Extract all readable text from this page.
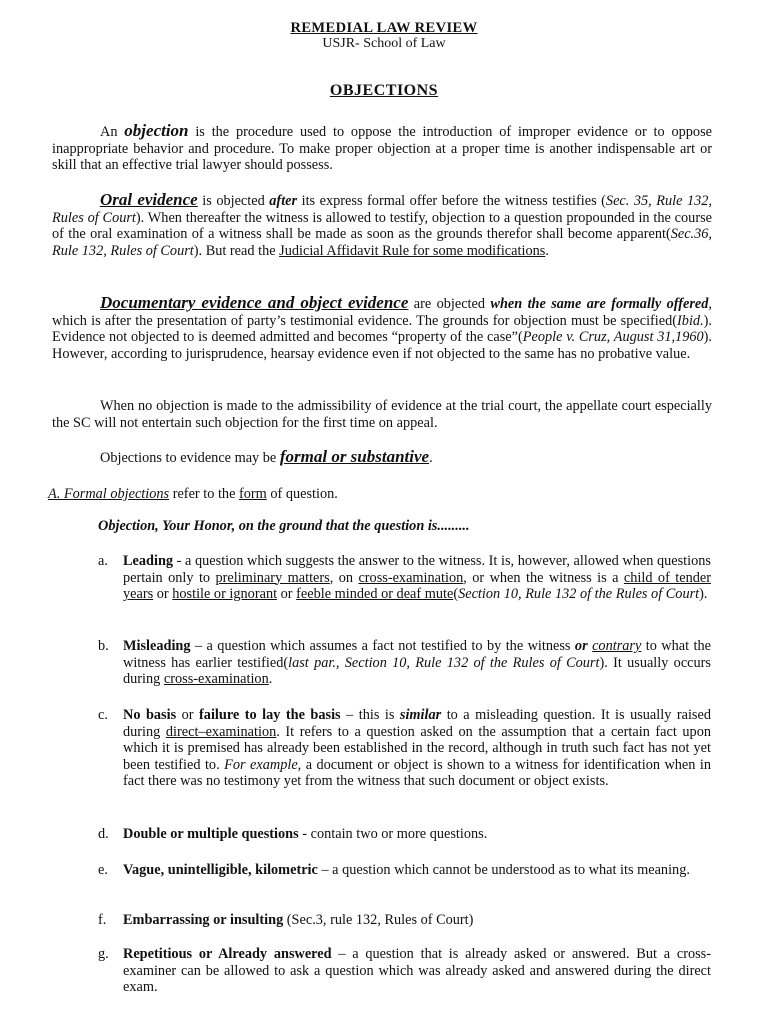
REMEDIAL LAW REVIEW
USJR- School of Law
OBJECTIONS
An objection is the procedure used to oppose the introduction of improper evidence or to oppose inappropriate behavior and procedure. To make proper objection at a proper time is another indispensable art or skill that an effective trial lawyer should possess.
Oral evidence is objected after its express formal offer before the witness testifies (Sec. 35, Rule 132, Rules of Court). When thereafter the witness is allowed to testify, objection to a question propounded in the course of the oral examination of a witness shall be made as soon as the grounds therefor shall become apparent(Sec.36, Rule 132, Rules of Court). But read the Judicial Affidavit Rule for some modifications.
Documentary evidence and object evidence are objected when the same are formally offered, which is after the presentation of party’s testimonial evidence. The grounds for objection must be specified(Ibid.). Evidence not objected to is deemed admitted and becomes “property of the case”(People v. Cruz, August 31,1960). However, according to jurisprudence, hearsay evidence even if not objected to the same has no probative value.
When no objection is made to the admissibility of evidence at the trial court, the appellate court especially the SC will not entertain such objection for the first time on appeal.
Objections to evidence may be formal or substantive.
A. Formal objections refer to the form of question.
Objection, Your Honor, on the ground that the question is.........
a. Leading - a question which suggests the answer to the witness. It is, however, allowed when questions pertain only to preliminary matters, on cross-examination, or when the witness is a child of tender years or hostile or ignorant or feeble minded or deaf mute(Section 10, Rule 132 of the Rules of Court).
b. Misleading – a question which assumes a fact not testified to by the witness or contrary to what the witness has earlier testified(last par., Section 10, Rule 132 of the Rules of Court). It usually occurs during cross-examination.
c. No basis or failure to lay the basis – this is similar to a misleading question. It is usually raised during direct–examination. It refers to a question asked on the assumption that a certain fact upon which it is premised has already been established in the record, although in truth such fact has not yet been testified to. For example, a document or object is shown to a witness for identification when in fact there was no testimony yet from the witness that such document or object exists.
d. Double or multiple questions - contain two or more questions.
e. Vague, unintelligible, kilometric – a question which cannot be understood as to what its meaning.
f. Embarrassing or insulting (Sec.3, rule 132, Rules of Court)
g. Repetitious or Already answered – a question that is already asked or answered. But a cross-examiner can be allowed to ask a question which was already asked and answered during the direct exam.
